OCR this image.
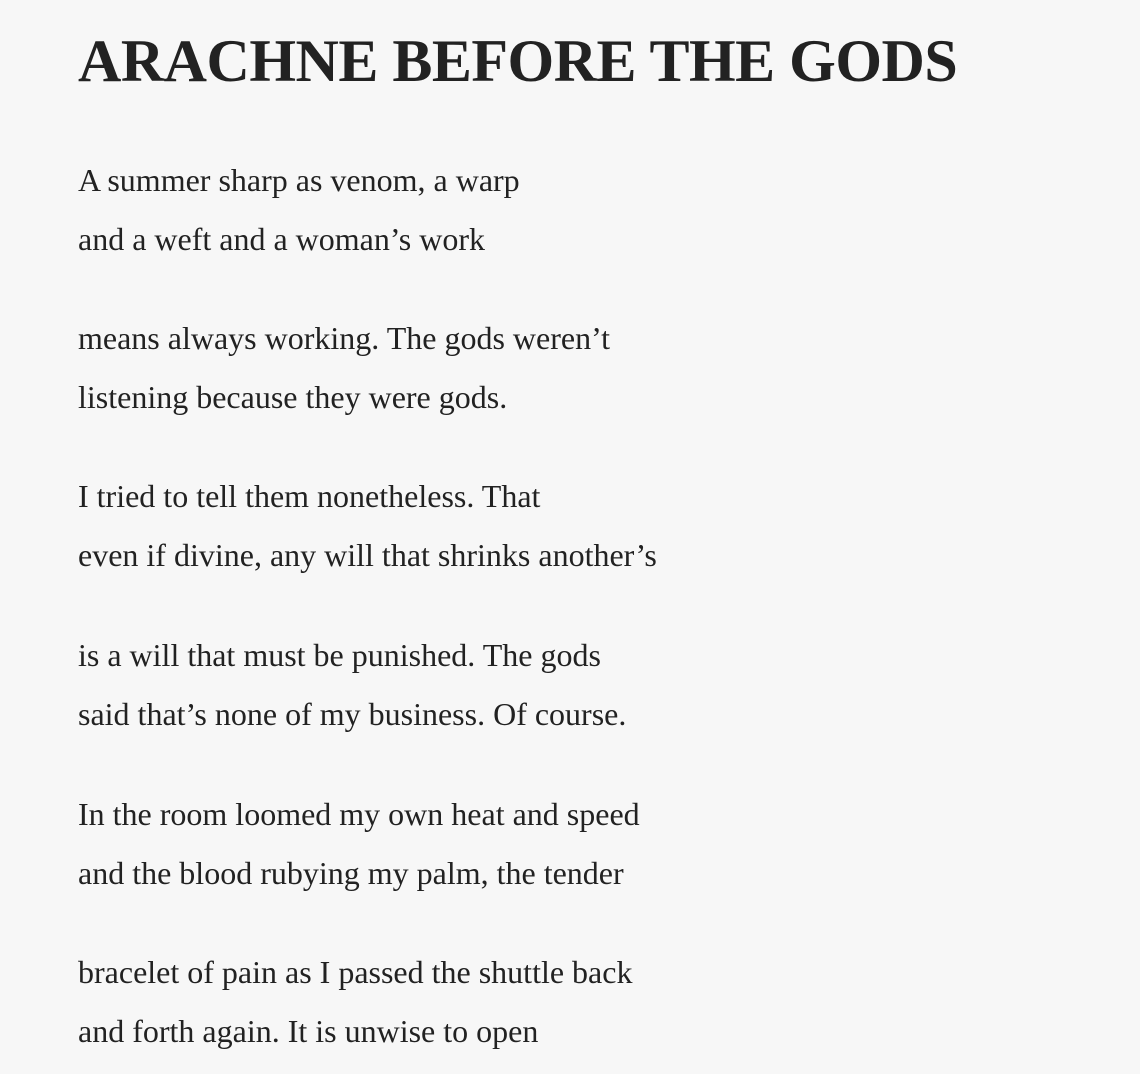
ARACHNE BEFORE THE GODS
A summer sharp as venom, a warp
and a weft and a woman’s work
means always working. The gods weren’t
listening because they were gods.
I tried to tell them nonetheless. That
even if divine, any will that shrinks another’s
is a will that must be punished. The gods
said that’s none of my business. Of course.
In the room loomed my own heat and speed
and the blood rubying my palm, the tender
bracelet of pain as I passed the shuttle back
and forth again. It is unwise to open
